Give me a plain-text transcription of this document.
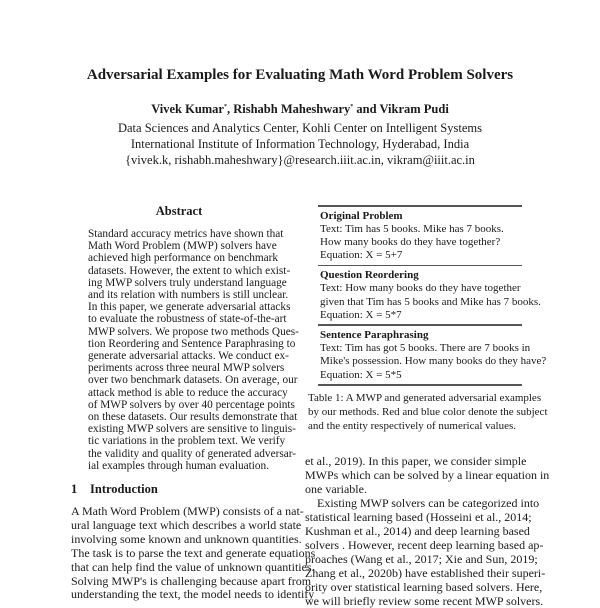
Adversarial Examples for Evaluating Math Word Problem Solvers
Vivek Kumar*, Rishabh Maheshwary* and Vikram Pudi
Data Sciences and Analytics Center, Kohli Center on Intelligent Systems
International Institute of Information Technology, Hyderabad, India
{vivek.k, rishabh.maheshwary}@research.iiit.ac.in, vikram@iiit.ac.in
Abstract
Standard accuracy metrics have shown that
Math Word Problem (MWP) solvers have
achieved high performance on benchmark
datasets. However, the extent to which exist-
ing MWP solvers truly understand language
and its relation with numbers is still unclear.
In this paper, we generate adversarial attacks
to evaluate the robustness of state-of-the-art
MWP solvers. We propose two methods Ques-
tion Reordering and Sentence Paraphrasing to
generate adversarial attacks. We conduct ex-
periments across three neural MWP solvers
over two benchmark datasets. On average, our
attack method is able to reduce the accuracy
of MWP solvers by over 40 percentage points
on these datasets. Our results demonstrate that
existing MWP solvers are sensitive to linguis-
tic variations in the problem text. We verify
the validity and quality of generated adversar-
ial examples through human evaluation.
1 Introduction
A Math Word Problem (MWP) consists of a nat-
ural language text which describes a world state
involving some known and unknown quantities.
The task is to parse the text and generate equations
that can help find the value of unknown quantities.
Solving MWP's is challenging because apart from
understanding the text, the model needs to identify
Original Problem
Text: Tim has 5 books. Mike has 7 books.
How many books do they have together?
Equation: X = 5+7
Question Reordering
Text: How many books do they have together
given that Tim has 5 books and Mike has 7 books.
Equation: X = 5*7
Sentence Paraphrasing
Text: Tim has got 5 books. There are 7 books in
Mike's possession. How many books do they have?
Equation: X = 5*5
Table 1: A MWP and generated adversarial examples
by our methods. Red and blue color denote the subject
and the entity respectively of numerical values.
et al., 2019). In this paper, we consider simple
MWPs which can be solved by a linear equation in
one variable.
Existing MWP solvers can be categorized into
statistical learning based (Hosseini et al., 2014;
Kushman et al., 2014) and deep learning based
solvers . However, recent deep learning based ap-
proaches (Wang et al., 2017; Xie and Sun, 2019;
Zhang et al., 2020b) have established their superi-
ority over statistical learning based solvers. Here,
we will briefly review some recent MWP solvers.
